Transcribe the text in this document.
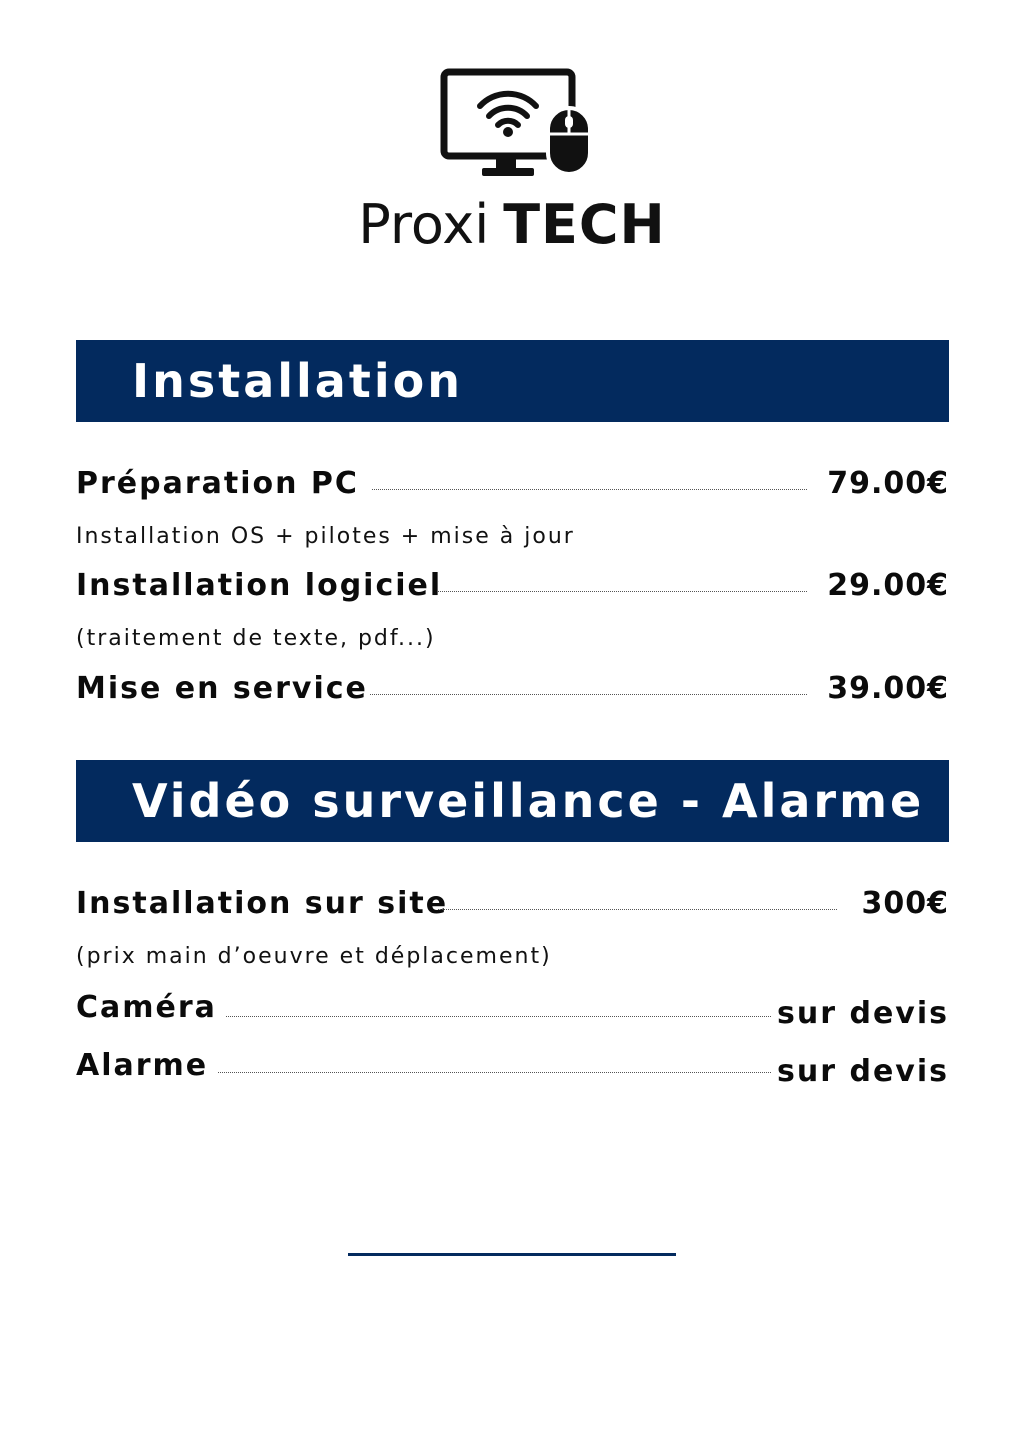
Proxi TECH
Installation
Préparation PC	79.00€
Installation OS + pilotes + mise à jour
Installation logiciel	29.00€
(traitement de texte, pdf...)
Mise en service	39.00€
Vidéo surveillance - Alarme
Installation sur site	300€
(prix main d’oeuvre et déplacement)
Caméra	sur devis
Alarme	sur devis
